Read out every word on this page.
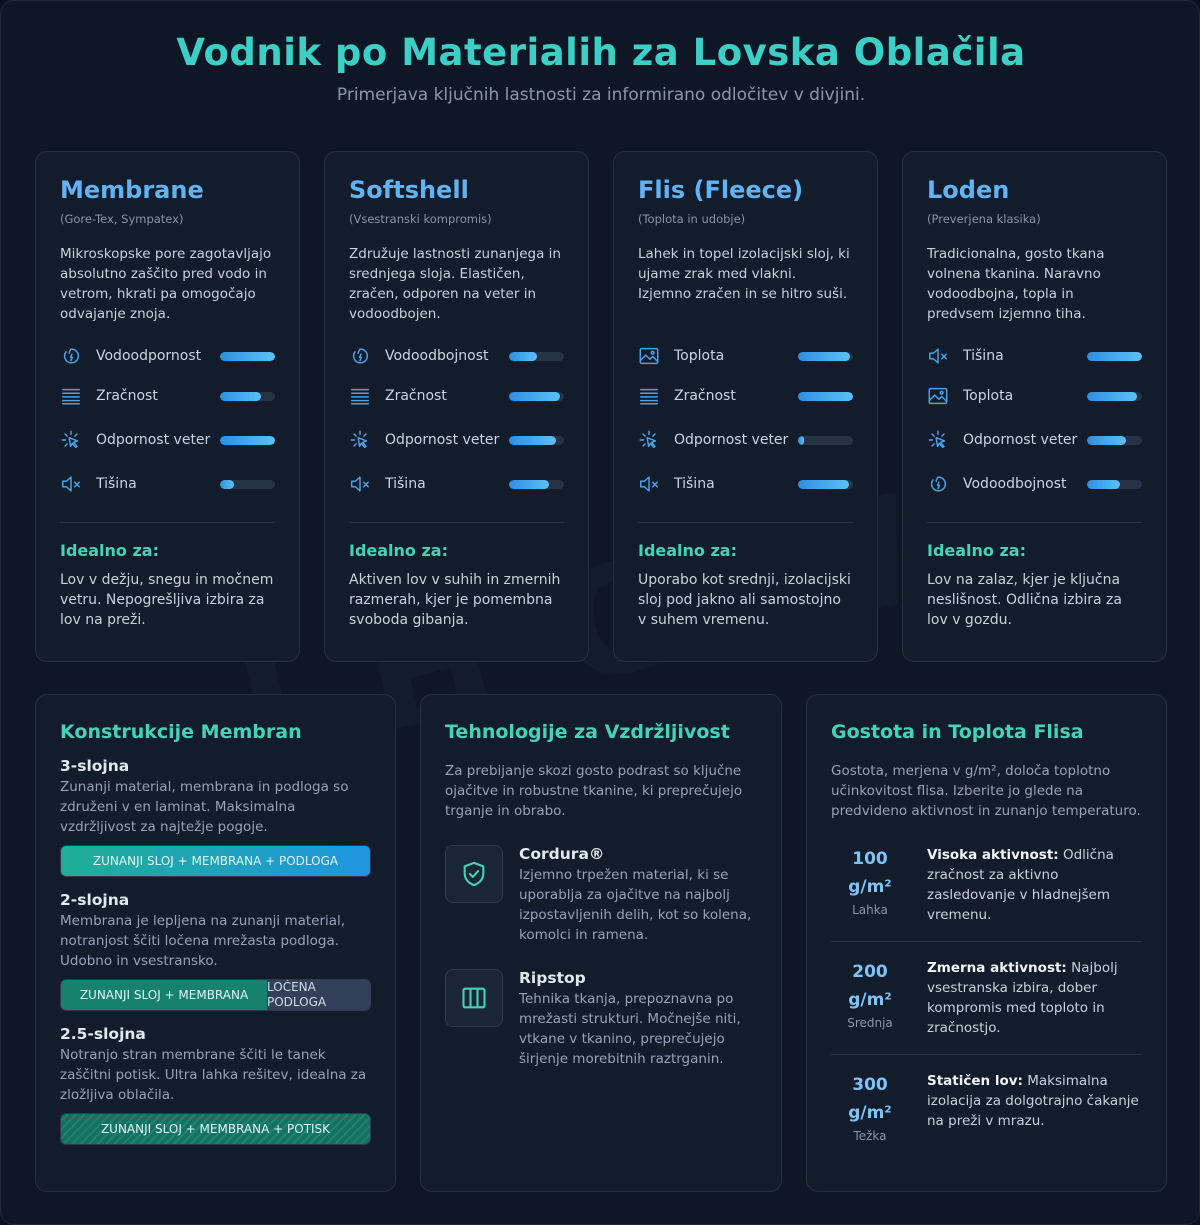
Vodnik po Materialih za Lovska Oblačila
Primerjava ključnih lastnosti za informirano odločitev v divjini.
Membrane
(Gore-Tex, Sympatex)
Mikroskopske pore zagotavljajo absolutno zaščito pred vodo in vetrom, hkrati pa omogočajo odvajanje znoja.
Vodoodpornost
Zračnost
Odpornost veter
Tišina
Idealno za:
Lov v dežju, snegu in močnem vetru. Nepogrešljiva izbira za lov na preži.
Softshell
(Vsestranski kompromis)
Združuje lastnosti zunanjega in srednjega sloja. Elastičen, zračen, odporen na veter in vodoodbojen.
Vodoodbojnost
Zračnost
Odpornost veter
Tišina
Idealno za:
Aktiven lov v suhih in zmernih razmerah, kjer je pomembna svoboda gibanja.
Flis (Fleece)
(Toplota in udobje)
Lahek in topel izolacijski sloj, ki ujame zrak med vlakni. Izjemno zračen in se hitro suši.
Toplota
Zračnost
Odpornost veter
Tišina
Idealno za:
Uporabo kot srednji, izolacijski sloj pod jakno ali samostojno v suhem vremenu.
Loden
(Preverjena klasika)
Tradicionalna, gosto tkana volnena tkanina. Naravno vodoodbojna, topla in predvsem izjemno tiha.
Tišina
Toplota
Odpornost veter
Vodoodbojnost
Idealno za:
Lov na zalaz, kjer je ključna neslišnost. Odlična izbira za lov v gozdu.
Konstrukcije Membran
3-slojna
Zunanji material, membrana in podloga so združeni v en laminat. Maksimalna vzdržljivost za najtežje pogoje.
ZUNANJI SLOJ + MEMBRANA + PODLOGA
2-slojna
Membrana je lepljena na zunanji material, notranjost ščiti ločena mrežasta podloga. Udobno in vsestransko.
ZUNANJI SLOJ + MEMBRANA
LOČENA PODLOGA
2.5-slojna
Notranjo stran membrane ščiti le tanek zaščitni potisk. Ultra lahka rešitev, idealna za zložljiva oblačila.
ZUNANJI SLOJ + MEMBRANA + POTISK
Tehnologije za Vzdržljivost
Za prebijanje skozi gosto podrast so ključne ojačitve in robustne tkanine, ki preprečujejo trganje in obrabo.
Cordura®
Izjemno trpežen material, ki se uporablja za ojačitve na najbolj izpostavljenih delih, kot so kolena, komolci in ramena.
Ripstop
Tehnika tkanja, prepoznavna po mrežasti strukturi. Močnejše niti, vtkane v tkanino, preprečujejo širjenje morebitnih raztrganin.
Gostota in Toplota Flisa
Gostota, merjena v g/m², določa toplotno učinkovitost flisa. Izberite jo glede na predvideno aktivnost in zunanjo temperaturo.
100
g/m²
Lahka
Visoka aktivnost: Odlična zračnost za aktivno zasledovanje v hladnejšem vremenu.
200
g/m²
Srednja
Zmerna aktivnost: Najbolj vsestranska izbira, dober kompromis med toploto in zračnostjo.
300
g/m²
Težka
Statičen lov: Maksimalna izolacija za dolgotrajno čakanje na preži v mrazu.
